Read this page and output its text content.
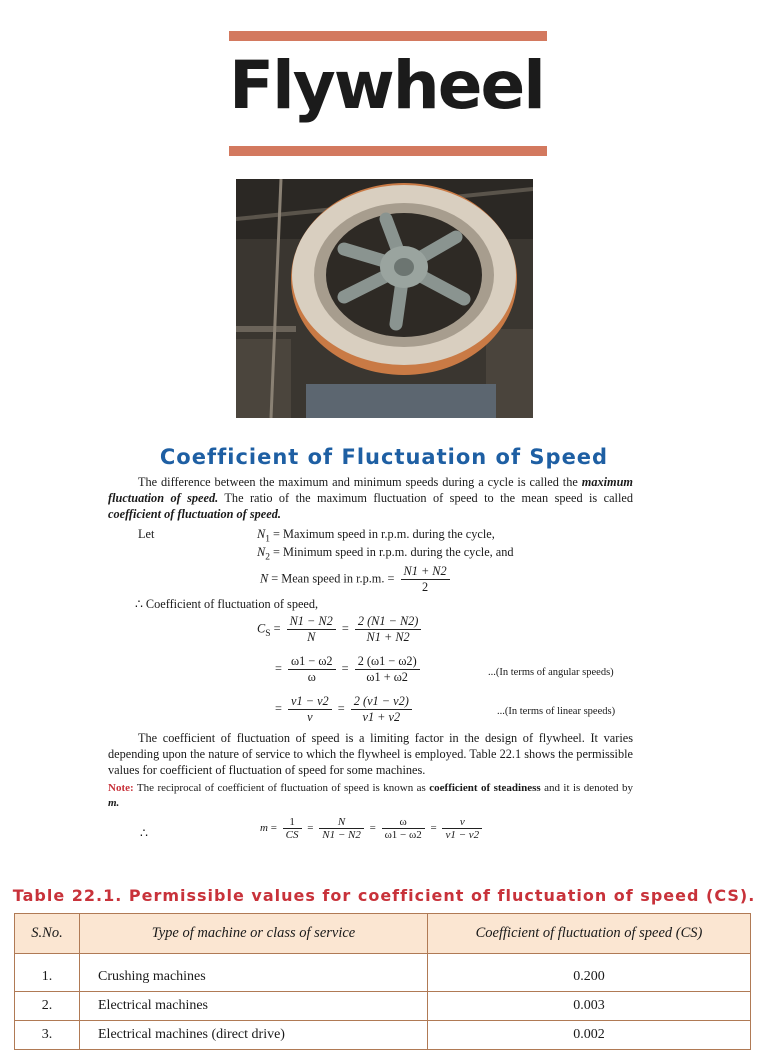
Flywheel
Coefficient of Fluctuation of Speed
The difference between the maximum and minimum speeds during a cycle is called the maximum fluctuation of speed. The ratio of the maximum fluctuation of speed to the mean speed is called coefficient of fluctuation of speed.
Let	$N_1$ = Maximum speed in r.p.m. during the cycle,
$N_2$ = Minimum speed in r.p.m. during the cycle, and
N = Mean speed in r.p.m. = $\frac{N1 + N2}{2}$
∴ Coefficient of fluctuation of speed,
$C_S = \frac{N1 - N2}{N} = \frac{2 (N1 - N2)}{N1 + N2}$
= $\frac{\omega 1 - \omega 2}{\omega} = \frac{2 (\omega 1 - \omega 2)}{\omega 1 + \omega 2}$	...(In terms of angular speeds)
= $\frac{v1 - v2}{v} = \frac{2 (v1 - v2)}{v1 + v2}$	...(In terms of linear speeds)
The coefficient of fluctuation of speed is a limiting factor in the design of flywheel. It varies depending upon the nature of service to which the flywheel is employed. Table 22.1 shows the permissible values for coefficient of fluctuation of speed for some machines.
Note: The reciprocal of coefficient of fluctuation of speed is known as coefficient of steadiness and it is denoted by m.
∴	$m = \frac{1}{CS} = \frac{N}{N1 - N2} = \frac{\omega}{\omega 1 - \omega 2} = \frac{v}{v1 - v2}$
Table 22.1. Permissible values for coefficient of fluctuation of speed (CS).
S.No.	Type of machine or class of service	Coefficient of fluctuation of speed (CS)
1.	Crushing machines	0.200
2.	Electrical machines	0.003
3.	Electrical machines (direct drive)	0.002
